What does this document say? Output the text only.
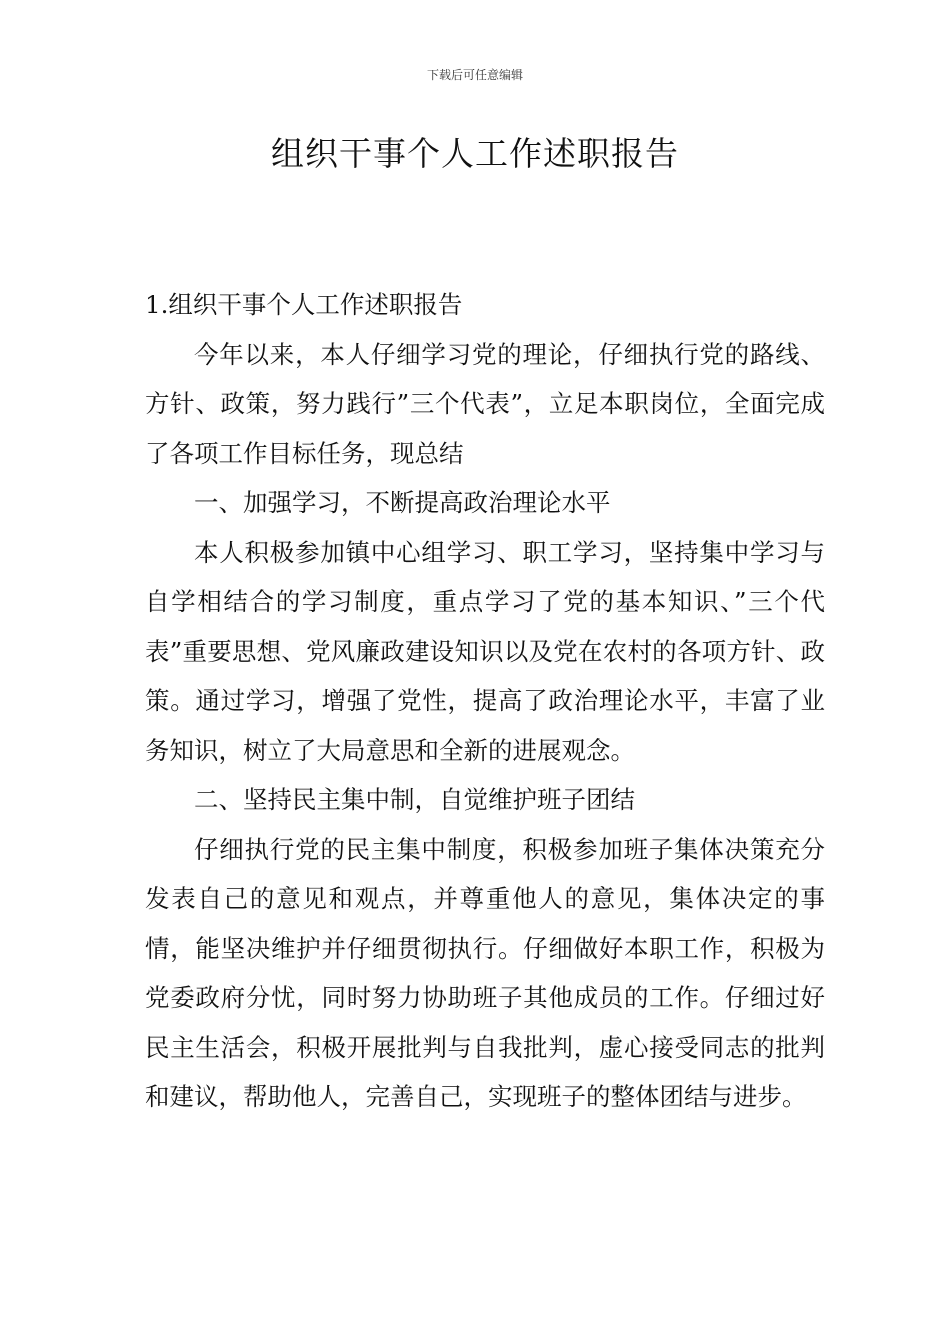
下载后可任意编辑
组织干事个人工作述职报告

1.组织干事个人工作述职报告

今年以来，本人仔细学习党的理论，仔细执行党的路线、方针、政策，努力践行”三个代表”，立足本职岗位，全面完成了各项工作目标任务，现总结

一、加强学习，不断提高政治理论水平

本人积极参加镇中心组学习、职工学习，坚持集中学习与自学相结合的学习制度，重点学习了党的基本知识、”三个代表”重要思想、党风廉政建设知识以及党在农村的各项方针、政策。通过学习，增强了党性，提高了政治理论水平，丰富了业务知识，树立了大局意思和全新的进展观念。

二、坚持民主集中制，自觉维护班子团结

仔细执行党的民主集中制度，积极参加班子集体决策充分发表自己的意见和观点，并尊重他人的意见，集体决定的事情，能坚决维护并仔细贯彻执行。仔细做好本职工作，积极为党委政府分忧，同时努力协助班子其他成员的工作。仔细过好民主生活会，积极开展批判与自我批判，虚心接受同志的批判和建议，帮助他人，完善自己，实现班子的整体团结与进步。
